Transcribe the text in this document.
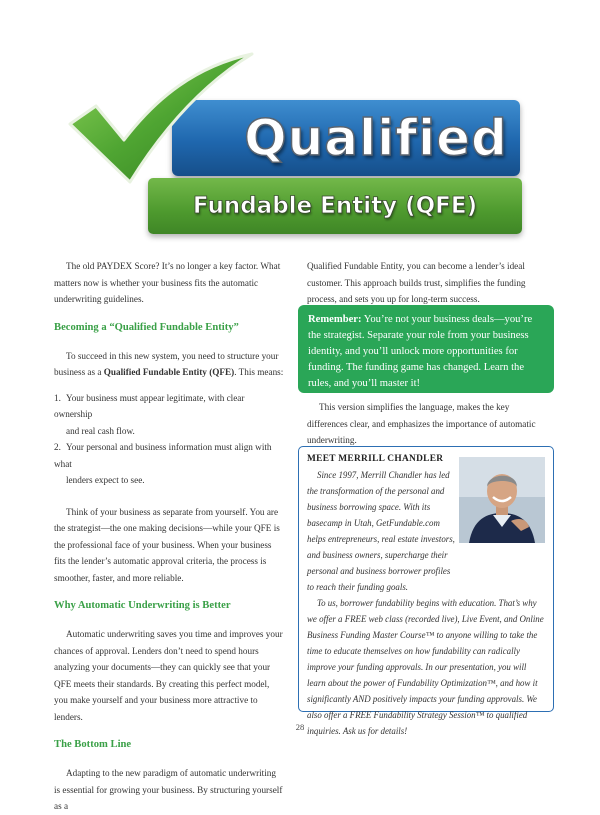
Qualified
Fundable Entity (QFE)

The old PAYDEX Score? It’s no longer a key factor. What matters now is whether your business fits the automatic underwriting guidelines.

Becoming a “Qualified Fundable Entity”

To succeed in this new system, you need to structure your business as a Qualified Fundable Entity (QFE). This means:

1. Your business must appear legitimate, with clear ownership
and real cash flow.
2. Your personal and business information must align with what
lenders expect to see.

Think of your business as separate from yourself. You are the strategist—the one making decisions—while your QFE is the professional face of your business. When your business fits the lender’s automatic approval criteria, the process is smoother, faster, and more reliable.

Why Automatic Underwriting is Better

Automatic underwriting saves you time and improves your chances of approval. Lenders don’t need to spend hours analyzing your documents—they can quickly see that your QFE meets their standards. By creating this perfect model, you make yourself and your business more attractive to lenders.

The Bottom Line

Adapting to the new paradigm of automatic underwriting is essential for growing your business. By structuring yourself as a

Qualified Fundable Entity, you can become a lender’s ideal customer. This approach builds trust, simplifies the funding process, and sets you up for long-term success.

Remember: You’re not your business deals—you’re the strategist. Separate your role from your business identity, and you’ll unlock more opportunities for funding. The funding game has changed. Learn the rules, and you’ll master it!

This version simplifies the language, makes the key differences clear, and emphasizes the importance of automatic underwriting.

MEET MERRILL CHANDLER
Since 1997, Merrill Chandler has led
the transformation of the personal and
business borrowing space. With its
basecamp in Utah, GetFundable.com
helps entrepreneurs, real estate investors,
and business owners, supercharge their
personal and business borrower profiles
to reach their funding goals.

To us, borrower fundability begins with education. That’s why we offer a FREE web class (recorded live), Live Event, and Online Business Funding Master Course™ to anyone willing to take the time to educate themselves on how fundability can radically improve your funding approvals. In our presentation, you will learn about the power of Fundability Optimization™, and how it significantly AND positively impacts your funding approvals. We also offer a FREE Fundability Strategy Session™ to qualified inquiries. Ask us for details!

28
